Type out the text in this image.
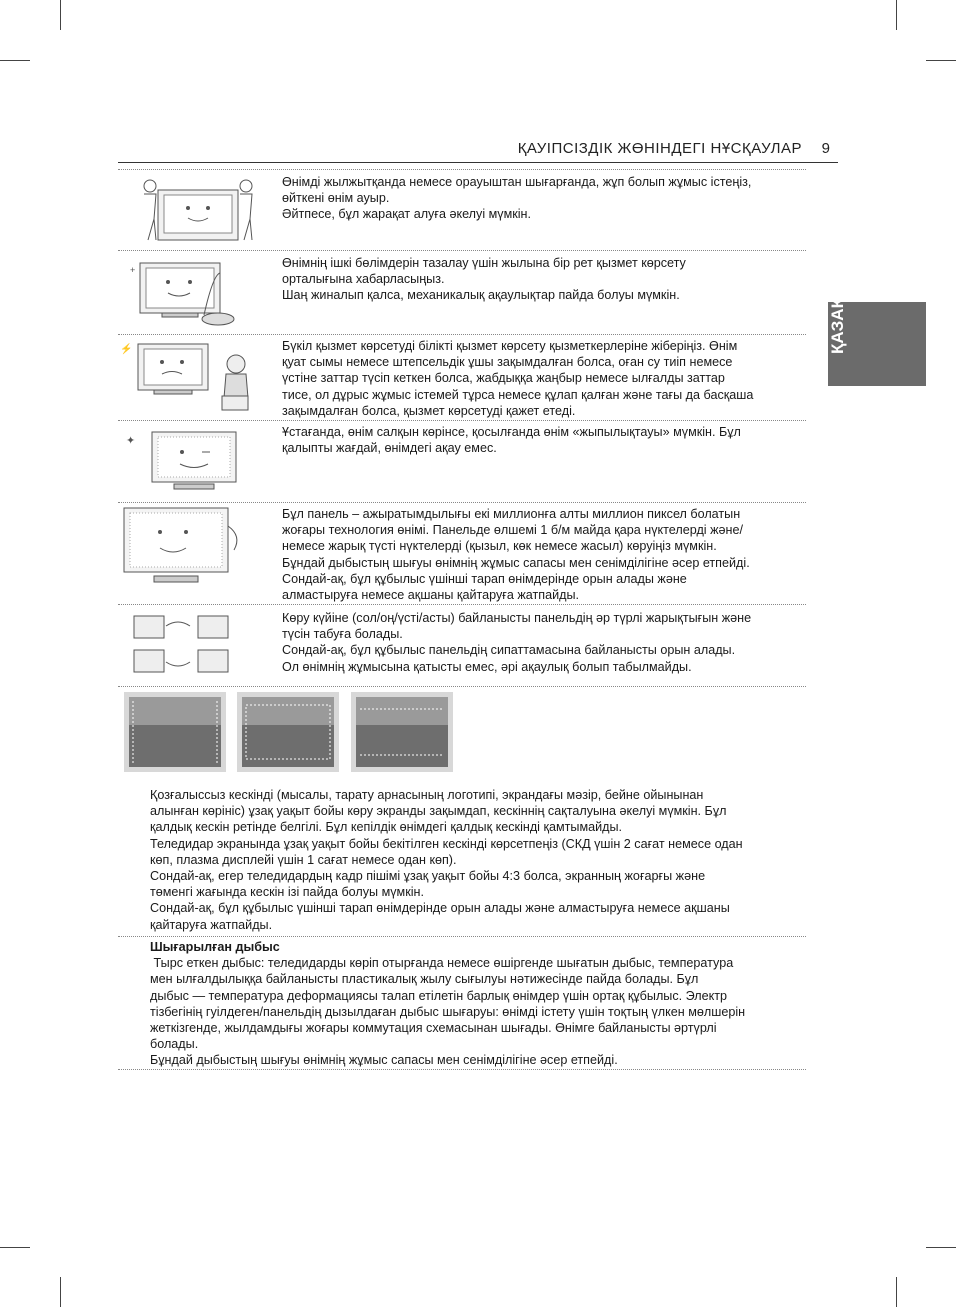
ҚАУІПСІЗДІК ЖӨНІНДЕГІ НҰСҚАУЛАР 9
ҚАЗАҚША

Өнімді жылжытқанда немесе орауыштан шығарғанда, жұп болып жұмыс істеңіз,

өйткені өнім ауыр.

Әйтпесе, бұл жарақат алуға әкелуі мүмкін.

+	Өнімнің ішкі бөлімдерін тазалау үшін жылына бір рет қызмет көрсету

орталығына хабарласыңыз.

Шаң жиналып қалса, механикалық ақаулықтар пайда болуы мүмкін.

⚡	Бүкіл қызмет көрсетуді білікті қызмет көрсету қызметкерлеріне жіберіңіз. Өнім

қуат сымы немесе штепсельдік ұшы зақымдалған болса, оған су тиіп немесе

үстіне заттар түсіп кеткен болса, жабдыққа жаңбыр немесе ылғалды заттар

тисе, ол дұрыс жұмыс істемей тұрса немесе құлап қалған және тағы да басқаша

зақымдалған болса, қызмет көрсетуді қажет етеді.

✦

Ұстағанда, өнім салқын көрінсе, қосылғанда өнім «жыпылықтауы» мүмкін. Бұл

қалыпты жағдай, өнімдегі ақау емес.

Бұл панель – ажыратымдылығы екі миллионға алты миллион пиксел болатын

жоғары технология өнімі. Панельде өлшемі 1 б/м майда қара нүктелерді және/

немесе жарық түсті нүктелерді (қызыл, көк немесе жасыл) көруіңіз мүмкін.

Бұндай дыбыстың шығуы өнімнің жұмыс сапасы мен сенімділігіне әсер етпейді.

Сондай-ақ, бұл құбылыс үшінші тарап өнімдерінде орын алады және

алмастыруға немесе ақшаны қайтаруға жатпайды.

Көру күйіне (сол/оң/үсті/асты) байланысты панельдің әр түрлі жарықтығын және

түсін табуға болады.

Сондай-ақ, бұл құбылыс панельдің сипаттамасына байланысты орын алады.

Ол өнімнің жұмысына қатысты емес, әрі ақаулық болып табылмайды.

Қозғалыссыз кескінді (мысалы, тарату арнасының логотипі, экрандағы мәзір, бейне ойынынан

алынған көрініс) ұзақ уақыт бойы көру экранды зақымдап, кескіннің сақталуына әкелуі мүмкін. Бұл

қалдық кескін ретінде белгілі. Бұл кепілдік өнімдегі қалдық кескінді қамтымайды.

Теледидар экранында ұзақ уақыт бойы бекітілген кескінді көрсетпеңіз (СКД үшін 2 сағат немесе одан

көп, плазма дисплейі үшін 1 сағат немесе одан көп).

Сондай-ақ, егер теледидардың кадр пішімі ұзақ уақыт бойы 4:3 болса, экранның жоғарғы және

төменгі жағында кескін ізі пайда болуы мүмкін.

Сондай-ақ, бұл құбылыс үшінші тарап өнімдерінде орын алады және алмастыруға немесе ақшаны

қайтаруға жатпайды.

Шығарылған дыбыс

Тырс еткен дыбыс: теледидарды көріп отырғанда немесе өшіргенде шығатын дыбыс, температура

мен ылғалдылыққа байланысты пластикалық жылу сығылуы нәтижесінде пайда болады. Бұл

дыбыс — температура деформациясы талап етілетін барлық өнімдер үшін ортақ құбылыс. Электр

тізбегінің гуілдеген/панельдің дызылдаған дыбыс шығаруы: өнімді істету үшін тоқтың үлкен мөлшерін

жеткізгенде, жылдамдығы жоғары коммутация схемасынан шығады. Өнімге байланысты әртүрлі

болады.

Бұндай дыбыстың шығуы өнімнің жұмыс сапасы мен сенімділігіне әсер етпейді.
